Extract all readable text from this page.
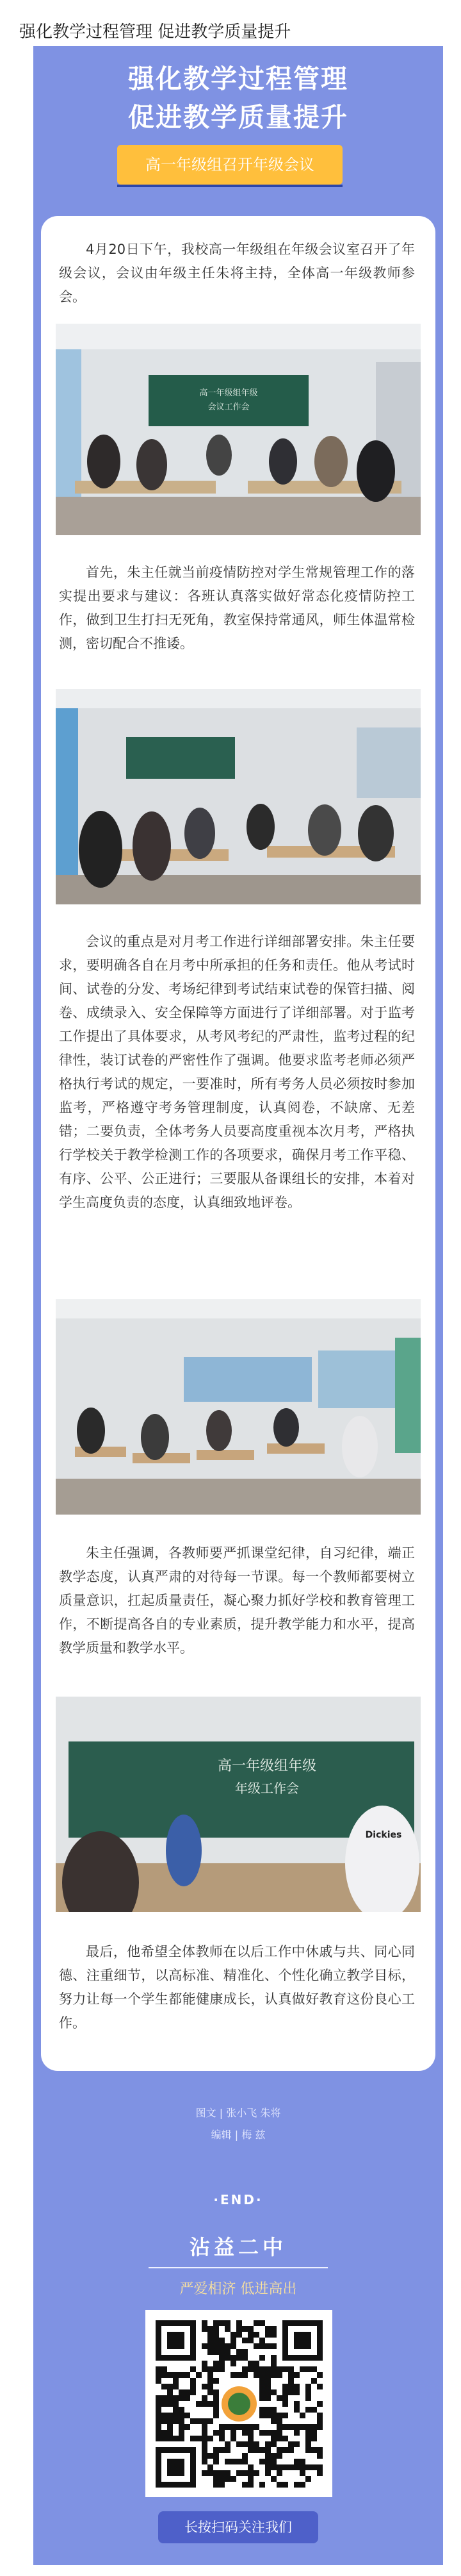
强化教学过程管理 促进教学质量提升
强化教学过程管理
促进教学质量提升
高一年级组召开年级会议

4月20日下午，我校高一年级组在年级会议室召开了年级会议，会议由年级主任朱将主持，全体高一年级教师参会。

高一年级组年级
会议工作会

首先，朱主任就当前疫情防控对学生常规管理工作的落实提出要求与建议：各班认真落实做好常态化疫情防控工作，做到卫生打扫无死角，教室保持常通风，师生体温常检测，密切配合不推诿。

会议的重点是对月考工作进行详细部署安排。朱主任要求，要明确各自在月考中所承担的任务和责任。他从考试时间、试卷的分发、考场纪律到考试结束试卷的保管扫描、阅卷、成绩录入、安全保障等方面进行了详细部署。对于监考工作提出了具体要求，从考风考纪的严肃性，监考过程的纪律性，装订试卷的严密性作了强调。他要求监考老师必须严格执行考试的规定，一要准时，所有考务人员必须按时参加监考，严格遵守考务管理制度，认真阅卷，不缺席、无差错；二要负责，全体考务人员要高度重视本次月考，严格执行学校关于教学检测工作的各项要求，确保月考工作平稳、有序、公平、公正进行；三要服从备课组长的安排，本着对学生高度负责的态度，认真细致地评卷。

朱主任强调，各教师要严抓课堂纪律，自习纪律，端正教学态度，认真严肃的对待每一节课。每一个教师都要树立质量意识，扛起质量责任，凝心聚力抓好学校和教育管理工作，不断提高各自的专业素质，提升教学能力和水平，提高教学质量和教学水平。

高一年级组年级
年级工作会
Dickies

最后，他希望全体教师在以后工作中休戚与共、同心同德、注重细节，以高标准、精准化、个性化确立教学目标，努力让每一个学生都能健康成长，认真做好教育这份良心工作。

图文 | 张小飞 朱将
编辑 | 梅 兹
·END·
沾益二中
严爱相济 低进高出
长按扫码关注我们
